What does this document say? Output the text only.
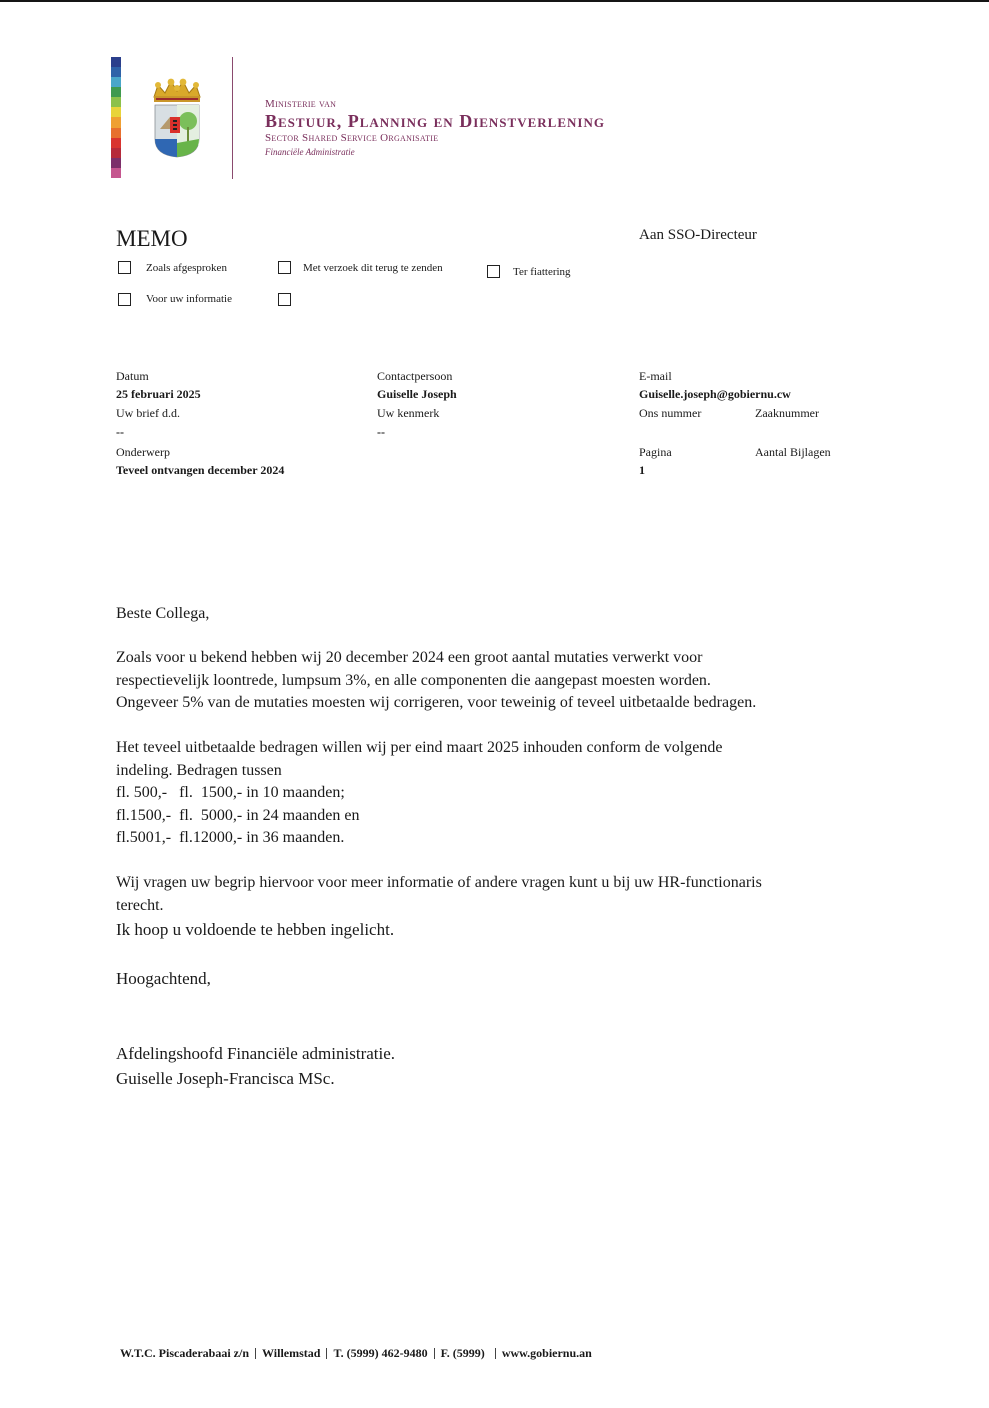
Ministerie van
Bestuur, Planning en Dienstverlening
Sector Shared Service Organisatie
Financiële Administratie
MEMO	Aan SSO-Directeur
Zoals afgesproken	Met verzoek dit terug te zenden	Ter fiattering
Voor uw informatie
Datum
25 februari 2025
Uw brief d.d.
--
Onderwerp
Teveel ontvangen december 2024
Contactpersoon
Guiselle Joseph
Uw kenmerk
--
E-mail
Guiselle.joseph@gobiernu.cw
Ons nummer	Zaaknummer
Pagina
1
Aantal Bijlagen
Beste Collega,
Zoals voor u bekend hebben wij 20 december 2024 een groot aantal mutaties verwerkt voor
respectievelijk loontrede, lumpsum 3%, en alle componenten die aangepast moesten worden.
Ongeveer 5% van de mutaties moesten wij corrigeren, voor teweinig of teveel uitbetaalde bedragen.
Het teveel uitbetaalde bedragen willen wij per eind maart 2025 inhouden conform de volgende
indeling. Bedragen tussen
fl. 500,-   fl.  1500,- in 10 maanden;
fl.1500,-  fl.  5000,- in 24 maanden en
fl.5001,-  fl.12000,- in 36 maanden.
Wij vragen uw begrip hiervoor voor meer informatie of andere vragen kunt u bij uw HR-functionaris
terecht.
Ik hoop u voldoende te hebben ingelicht.
Hoogachtend,
Afdelingshoofd Financiële administratie.
Guiselle Joseph-Francisca MSc.
W.T.C. Piscaderabaai z/n Willemstad T. (5999) 462-9480 F. (5999) www.gobiernu.an
